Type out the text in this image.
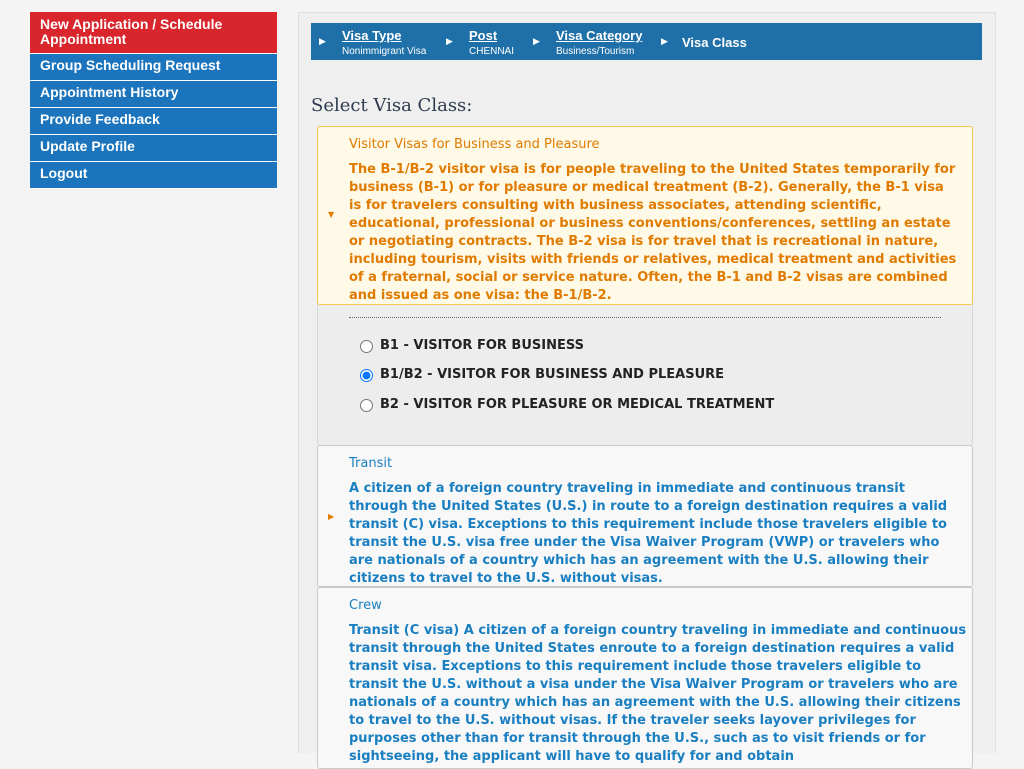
New Application / Schedule Appointment
Group Scheduling Request
Appointment History
Provide Feedback
Update Profile
Logout
▶ Visa Type
Nonimmigrant Visa
▶ Post
CHENNAI
▶ Visa Category
Business/Tourism
▶ Visa Class
Select Visa Class:
▼
Visitor Visas for Business and Pleasure
The B-1/B-2 visitor visa is for people traveling to the United States temporarily for business (B-1) or for pleasure or medical treatment (B-2). Generally, the B-1 visa is for travelers consulting with business associates, attending scientific, educational, professional or business conventions/conferences, settling an estate or negotiating contracts. The B-2 visa is for travel that is recreational in nature, including tourism, visits with friends or relatives, medical treatment and activities of a fraternal, social or service nature. Often, the B-1 and B-2 visas are combined and issued as one visa: the B-1/B-2.
B1 - VISITOR FOR BUSINESS
B1/B2 - VISITOR FOR BUSINESS AND PLEASURE
B2 - VISITOR FOR PLEASURE OR MEDICAL TREATMENT
▶
Transit
A citizen of a foreign country traveling in immediate and continuous transit through the United States (U.S.) in route to a foreign destination requires a valid transit (C) visa. Exceptions to this requirement include those travelers eligible to transit the U.S. visa free under the Visa Waiver Program (VWP) or travelers who are nationals of a country which has an agreement with the U.S. allowing their citizens to travel to the U.S. without visas.
Crew
Transit (C visa) A citizen of a foreign country traveling in immediate and continuous transit through the United States enroute to a foreign destination requires a valid transit visa. Exceptions to this requirement include those travelers eligible to transit the U.S. without a visa under the Visa Waiver Program or travelers who are nationals of a country which has an agreement with the U.S. allowing their citizens to travel to the U.S. without visas. If the traveler seeks layover privileges for purposes other than for transit through the U.S., such as to visit friends or for sightseeing, the applicant will have to qualify for and obtain
